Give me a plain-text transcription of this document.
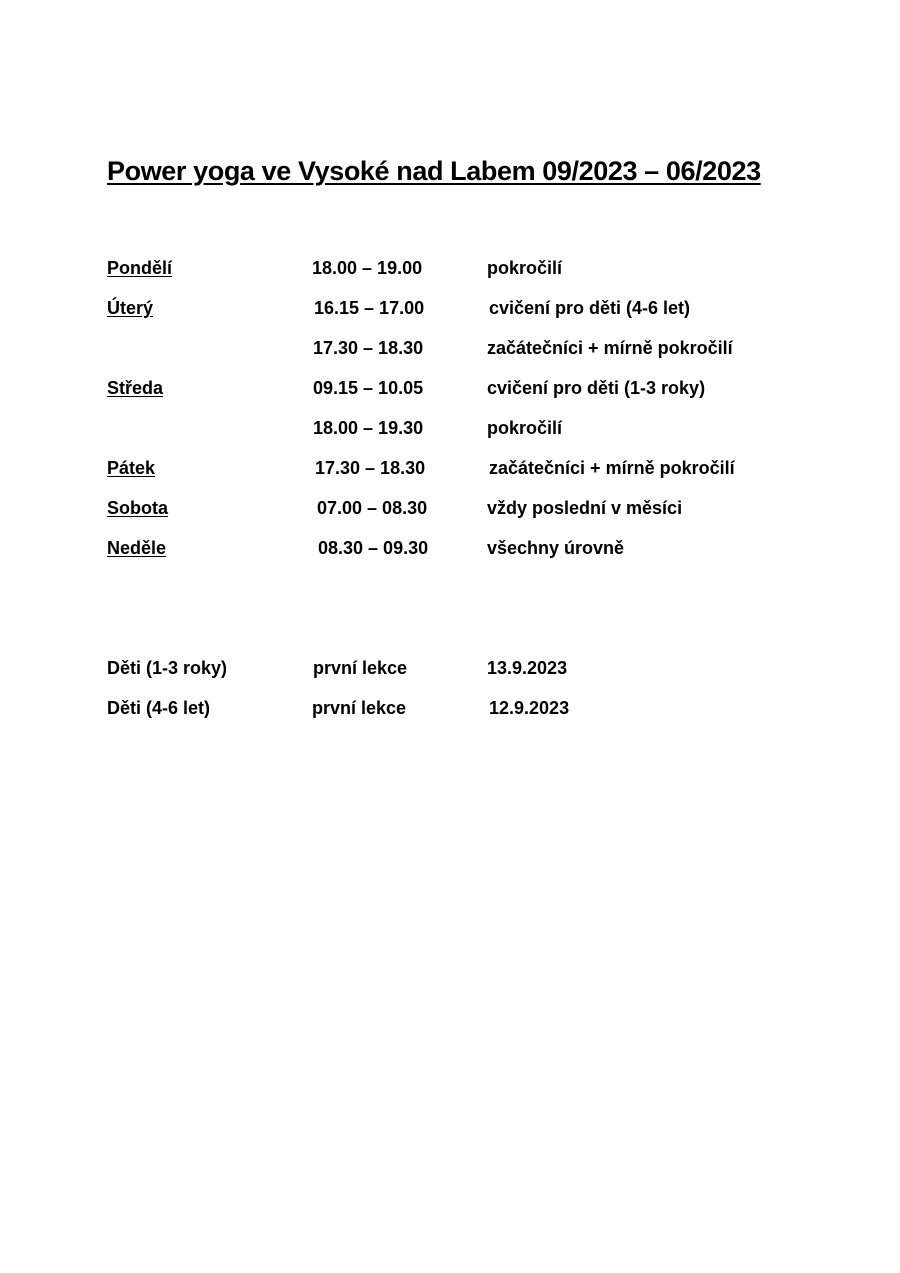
Power yoga ve Vysoké nad Labem 09/2023 – 06/2023
Pondělí	18.00 – 19.00	pokročilí
Úterý	16.15 – 17.00	cvičení pro děti (4-6 let)
17.30 – 18.30	začátečníci + mírně pokročilí
Středa	09.15 – 10.05	cvičení pro děti (1-3 roky)
18.00 – 19.30	pokročilí
Pátek	17.30 – 18.30	začátečníci + mírně pokročilí
Sobota	07.00 – 08.30	vždy poslední v měsíci
Neděle	08.30 – 09.30	všechny úrovně
Děti (1-3 roky)	první lekce	13.9.2023
Děti (4-6 let)	první lekce	12.9.2023
